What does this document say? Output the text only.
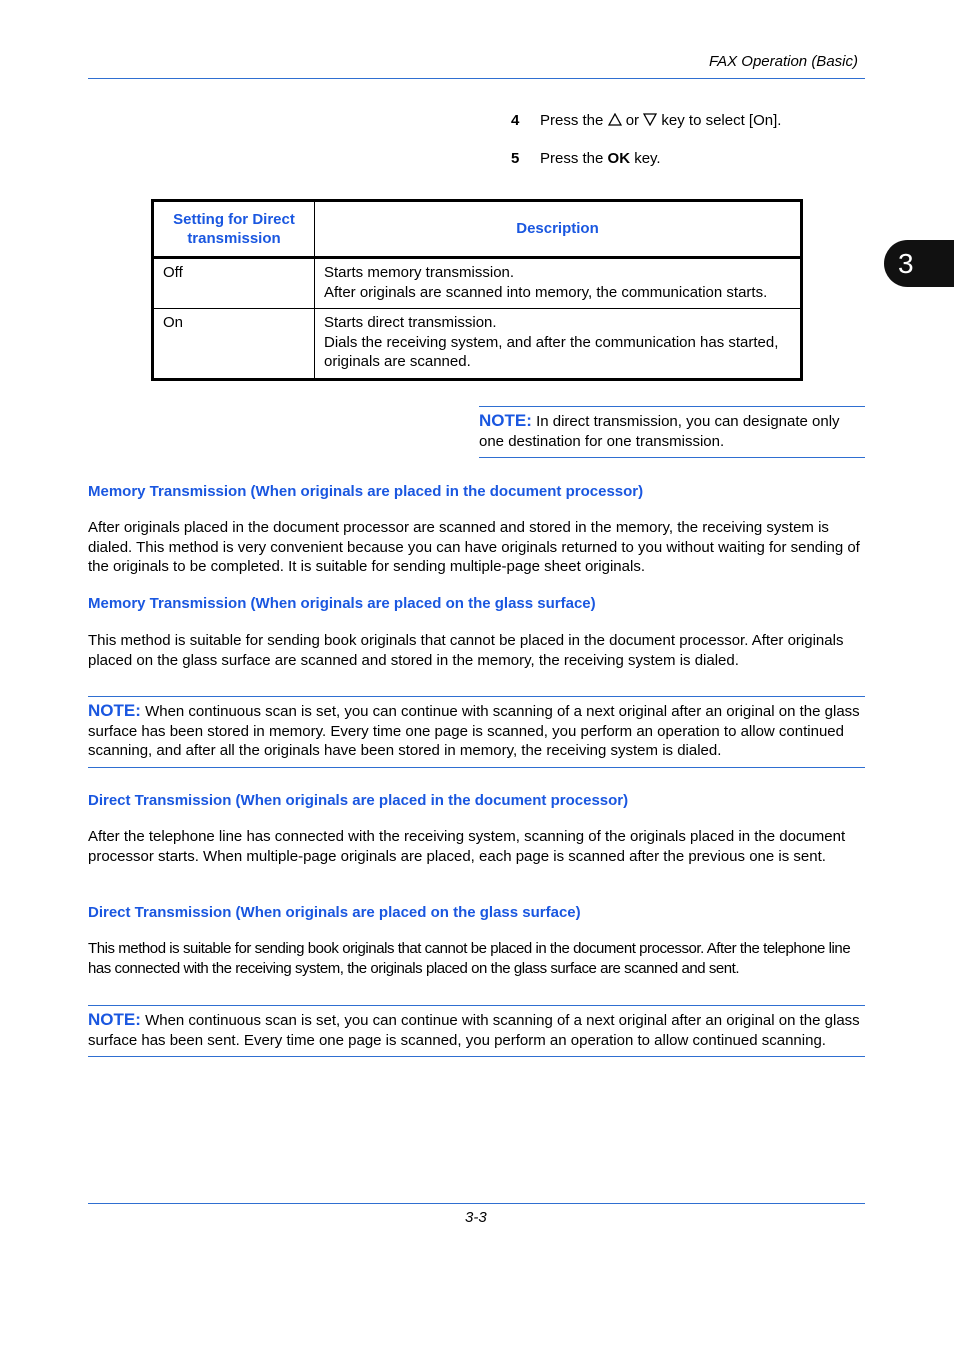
FAX Operation (Basic)
3
4 Press the  or  key to select [On].
5 Press the OK key.
Setting for Direct transmission	Description
Off	Starts memory transmission.
After originals are scanned into memory, the communication starts.

On	Starts direct transmission.
Dials the receiving system, and after the communication has started, originals are scanned.
NOTE: In direct transmission, you can designate only one destination for one transmission.
Memory Transmission (When originals are placed in the document processor)
After originals placed in the document processor are scanned and stored in the memory, the receiving system is dialed. This method is very convenient because you can have originals returned to you without waiting for sending of the originals to be completed. It is suitable for sending multiple-page sheet originals.
Memory Transmission (When originals are placed on the glass surface)
This method is suitable for sending book originals that cannot be placed in the document processor. After originals placed on the glass surface are scanned and stored in the memory, the receiving system is dialed.
NOTE: When continuous scan is set, you can continue with scanning of a next original after an original on the glass surface has been stored in memory. Every time one page is scanned, you perform an operation to allow continued scanning, and after all the originals have been stored in memory, the receiving system is dialed.
Direct Transmission (When originals are placed in the document processor)
After the telephone line has connected with the receiving system, scanning of the originals placed in the document processor starts. When multiple-page originals are placed, each page is scanned after the previous one is sent.
Direct Transmission (When originals are placed on the glass surface)
This method is suitable for sending book originals that cannot be placed in the document processor. After the telephone line has connected with the receiving system, the originals placed on the glass surface are scanned and sent.
NOTE: When continuous scan is set, you can continue with scanning of a next original after an original on the glass surface has been sent. Every time one page is scanned, you perform an operation to allow continued scanning.
3-3
